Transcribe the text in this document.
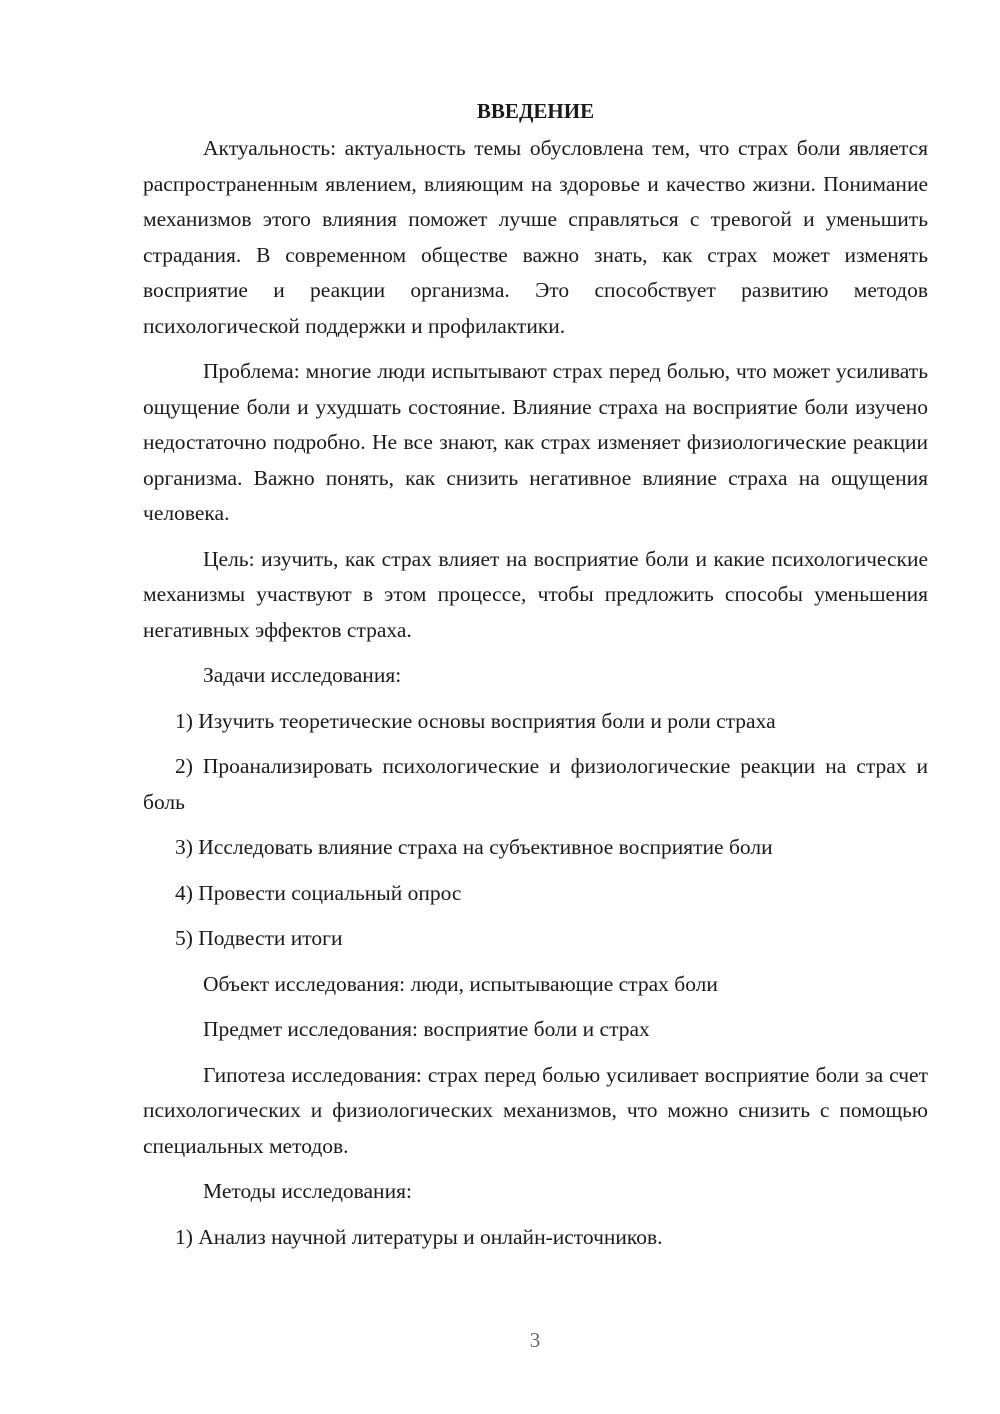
ВВЕДЕНИЕ

Актуальность: актуальность темы обусловлена тем, что страх боли является распространенным явлением, влияющим на здоровье и качество жизни. Понимание механизмов этого влияния поможет лучше справляться с тревогой и уменьшить страдания. В современном обществе важно знать, как страх может изменять восприятие и реакции организма. Это способствует развитию методов психологической поддержки и профилактики.

Проблема: многие люди испытывают страх перед болью, что может усиливать ощущение боли и ухудшать состояние. Влияние страха на восприятие боли изучено недостаточно подробно. Не все знают, как страх изменяет физиологические реакции организма. Важно понять, как снизить негативное влияние страха на ощущения человека.

Цель: изучить, как страх влияет на восприятие боли и какие психологические механизмы участвуют в этом процессе, чтобы предложить способы уменьшения негативных эффектов страха.

Задачи исследования:

1) Изучить теоретические основы восприятия боли и роли страха

2) Проанализировать психологические и физиологические реакции на страх и боль

3) Исследовать влияние страха на субъективное восприятие боли

4) Провести социальный опрос

5) Подвести итоги

Объект исследования: люди, испытывающие страх боли

Предмет исследования: восприятие боли и страх

Гипотеза исследования: страх перед болью усиливает восприятие боли за счет психологических и физиологических механизмов, что можно снизить с помощью специальных методов.

Методы исследования:

1) Анализ научной литературы и онлайн-источников.

3
